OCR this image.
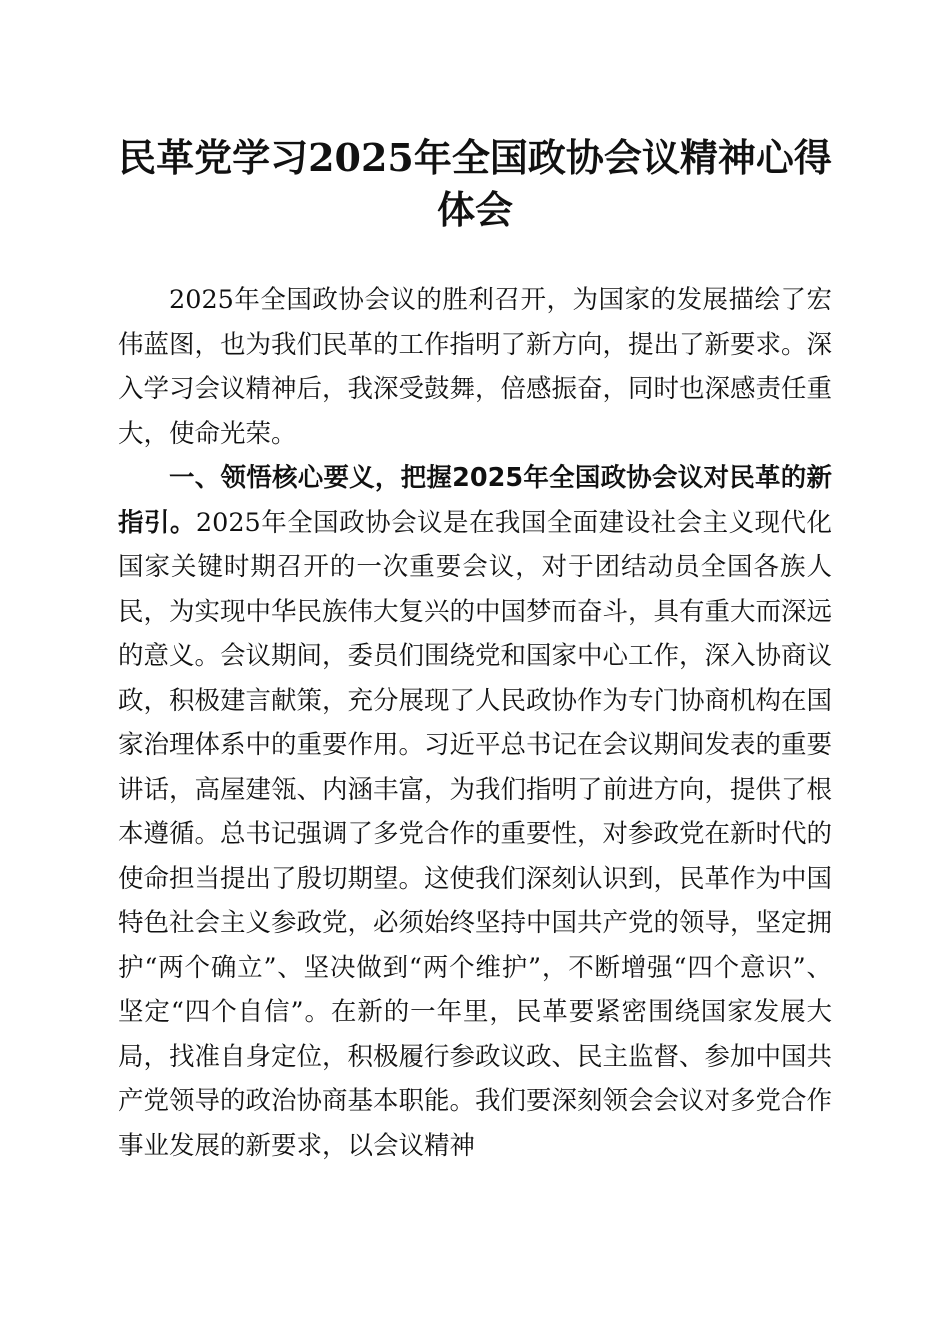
民革党学习2025年全国政协会议精神心得体会

2025年全国政协会议的胜利召开，为国家的发展描绘了宏伟蓝图，也为我们民革的工作指明了新方向，提出了新要求。深入学习会议精神后，我深受鼓舞，倍感振奋，同时也深感责任重大，使命光荣。

一、领悟核心要义，把握2025年全国政协会议对民革的新指引。2025年全国政协会议是在我国全面建设社会主义现代化国家关键时期召开的一次重要会议，对于团结动员全国各族人民，为实现中华民族伟大复兴的中国梦而奋斗，具有重大而深远的意义。会议期间，委员们围绕党和国家中心工作，深入协商议政，积极建言献策，充分展现了人民政协作为专门协商机构在国家治理体系中的重要作用。习近平总书记在会议期间发表的重要讲话，高屋建瓴、内涵丰富，为我们指明了前进方向，提供了根本遵循。总书记强调了多党合作的重要性，对参政党在新时代的使命担当提出了殷切期望。这使我们深刻认识到，民革作为中国特色社会主义参政党，必须始终坚持中国共产党的领导，坚定拥护“两个确立”、坚决做到“两个维护”，不断增强“四个意识”、坚定“四个自信”。在新的一年里，民革要紧密围绕国家发展大局，找准自身定位，积极履行参政议政、民主监督、参加中国共产党领导的政治协商基本职能。我们要深刻领会会议对多党合作事业发展的新要求，以会议精神
